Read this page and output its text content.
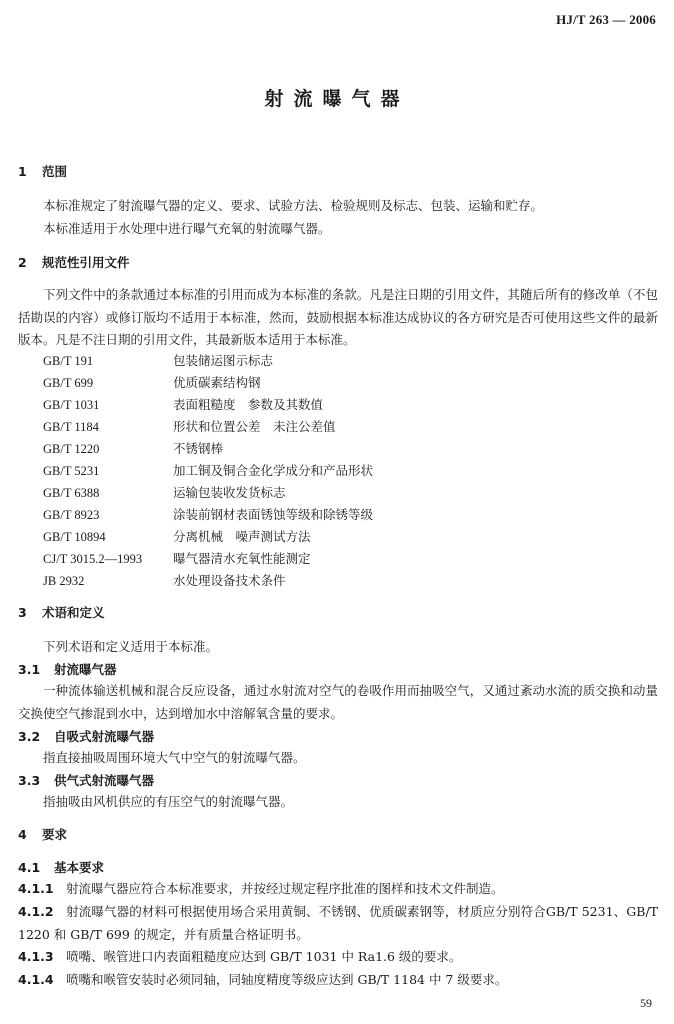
HJ/T 263 — 2006
射流曝气器
1 范围
本标准规定了射流曝气器的定义、要求、试验方法、检验规则及标志、包装、运输和贮存。
本标准适用于水处理中进行曝气充氧的射流曝气器。
2 规范性引用文件
下列文件中的条款通过本标准的引用而成为本标准的条款。凡是注日期的引用文件，其随后所有的修改单（不包括勘误的内容）或修订版均不适用于本标准，然而，鼓励根据本标准达成协议的各方研究是否可使用这些文件的最新版本。凡是不注日期的引用文件，其最新版本适用于本标准。
GB/T 191	包装储运图示标志
GB/T 699	优质碳素结构钢
GB/T 1031	表面粗糙度　参数及其数值
GB/T 1184	形状和位置公差　未注公差值
GB/T 1220	不锈钢棒
GB/T 5231	加工铜及铜合金化学成分和产品形状
GB/T 6388	运输包装收发货标志
GB/T 8923	涂装前钢材表面锈蚀等级和除锈等级
GB/T 10894	分离机械　噪声测试方法
CJ/T 3015.2—1993	曝气器清水充氧性能测定
JB 2932	水处理设备技术条件
3 术语和定义
下列术语和定义适用于本标准。
3.1 射流曝气器
一种流体输送机械和混合反应设备，通过水射流对空气的卷吸作用而抽吸空气，又通过紊动水流的质交换和动量交换使空气掺混到水中，达到增加水中溶解氧含量的要求。
3.2 自吸式射流曝气器
指直接抽吸周围环境大气中空气的射流曝气器。
3.3 供气式射流曝气器
指抽吸由风机供应的有压空气的射流曝气器。
4 要求
4.1 基本要求
4.1.1 射流曝气器应符合本标准要求，并按经过规定程序批准的图样和技术文件制造。
4.1.2 射流曝气器的材料可根据使用场合采用黄铜、不锈钢、优质碳素钢等，材质应分别符合GB/T 5231、GB/T 1220 和 GB/T 699 的规定，并有质量合格证明书。
4.1.3 喷嘴、喉管进口内表面粗糙度应达到 GB/T 1031 中 Ra1.6 级的要求。
4.1.4 喷嘴和喉管安装时必须同轴，同轴度精度等级应达到 GB/T 1184 中 7 级要求。
59
